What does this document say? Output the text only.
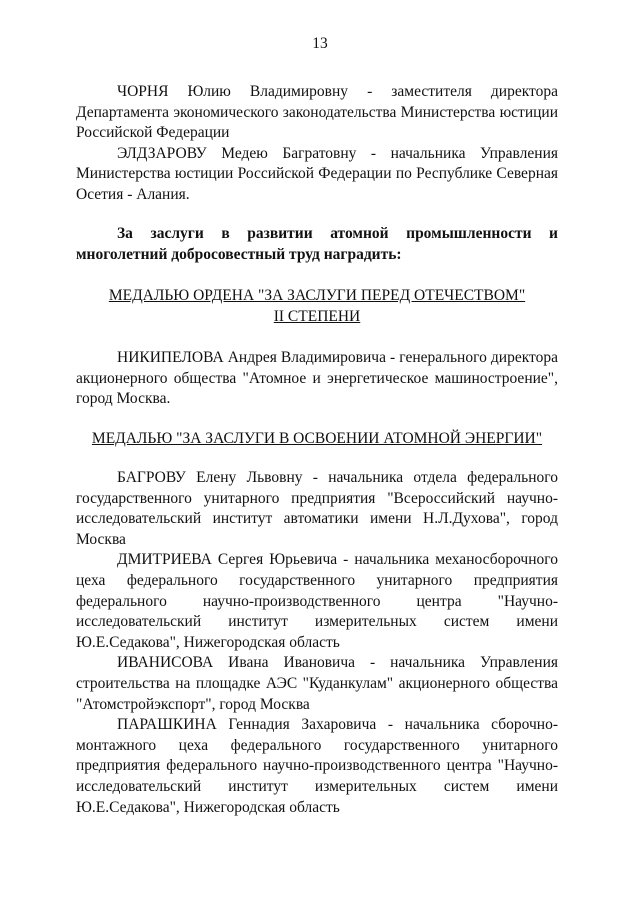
13

ЧОРНЯ Юлию Владимировну - заместителя директора Департамента экономического законодательства Министерства юстиции Российской Федерации

ЭЛДЗАРОВУ Медею Багратовну - начальника Управления Министерства юстиции Российской Федерации по Республике Северная Осетия - Алания.

За заслуги в развитии атомной промышленности и многолетний добросовестный труд наградить:

МЕДАЛЬЮ ОРДЕНА "ЗА ЗАСЛУГИ ПЕРЕД ОТЕЧЕСТВОМ"

II СТЕПЕНИ

НИКИПЕЛОВА Андрея Владимировича - генерального директора акционерного общества "Атомное и энергетическое машиностроение", город Москва.

МЕДАЛЬЮ "ЗА ЗАСЛУГИ В ОСВОЕНИИ АТОМНОЙ ЭНЕРГИИ"

БАГРОВУ Елену Львовну - начальника отдела федерального государственного унитарного предприятия "Всероссийский научно-исследовательский институт автоматики имени Н.Л.Духова", город Москва

ДМИТРИЕВА Сергея Юрьевича - начальника механосборочного цеха федерального государственного унитарного предприятия федерального научно-производственного центра "Научно-исследовательский институт измерительных систем имени Ю.Е.Седакова", Нижегородская область

ИВАНИСОВА Ивана Ивановича - начальника Управления строительства на площадке АЭС "Куданкулам" акционерного общества "Атомстройэкспорт", город Москва

ПАРАШКИНА Геннадия Захаровича - начальника сборочно-монтажного цеха федерального государственного унитарного предприятия федерального научно-производственного центра "Научно-исследовательский институт измерительных систем имени Ю.Е.Седакова", Нижегородская область
